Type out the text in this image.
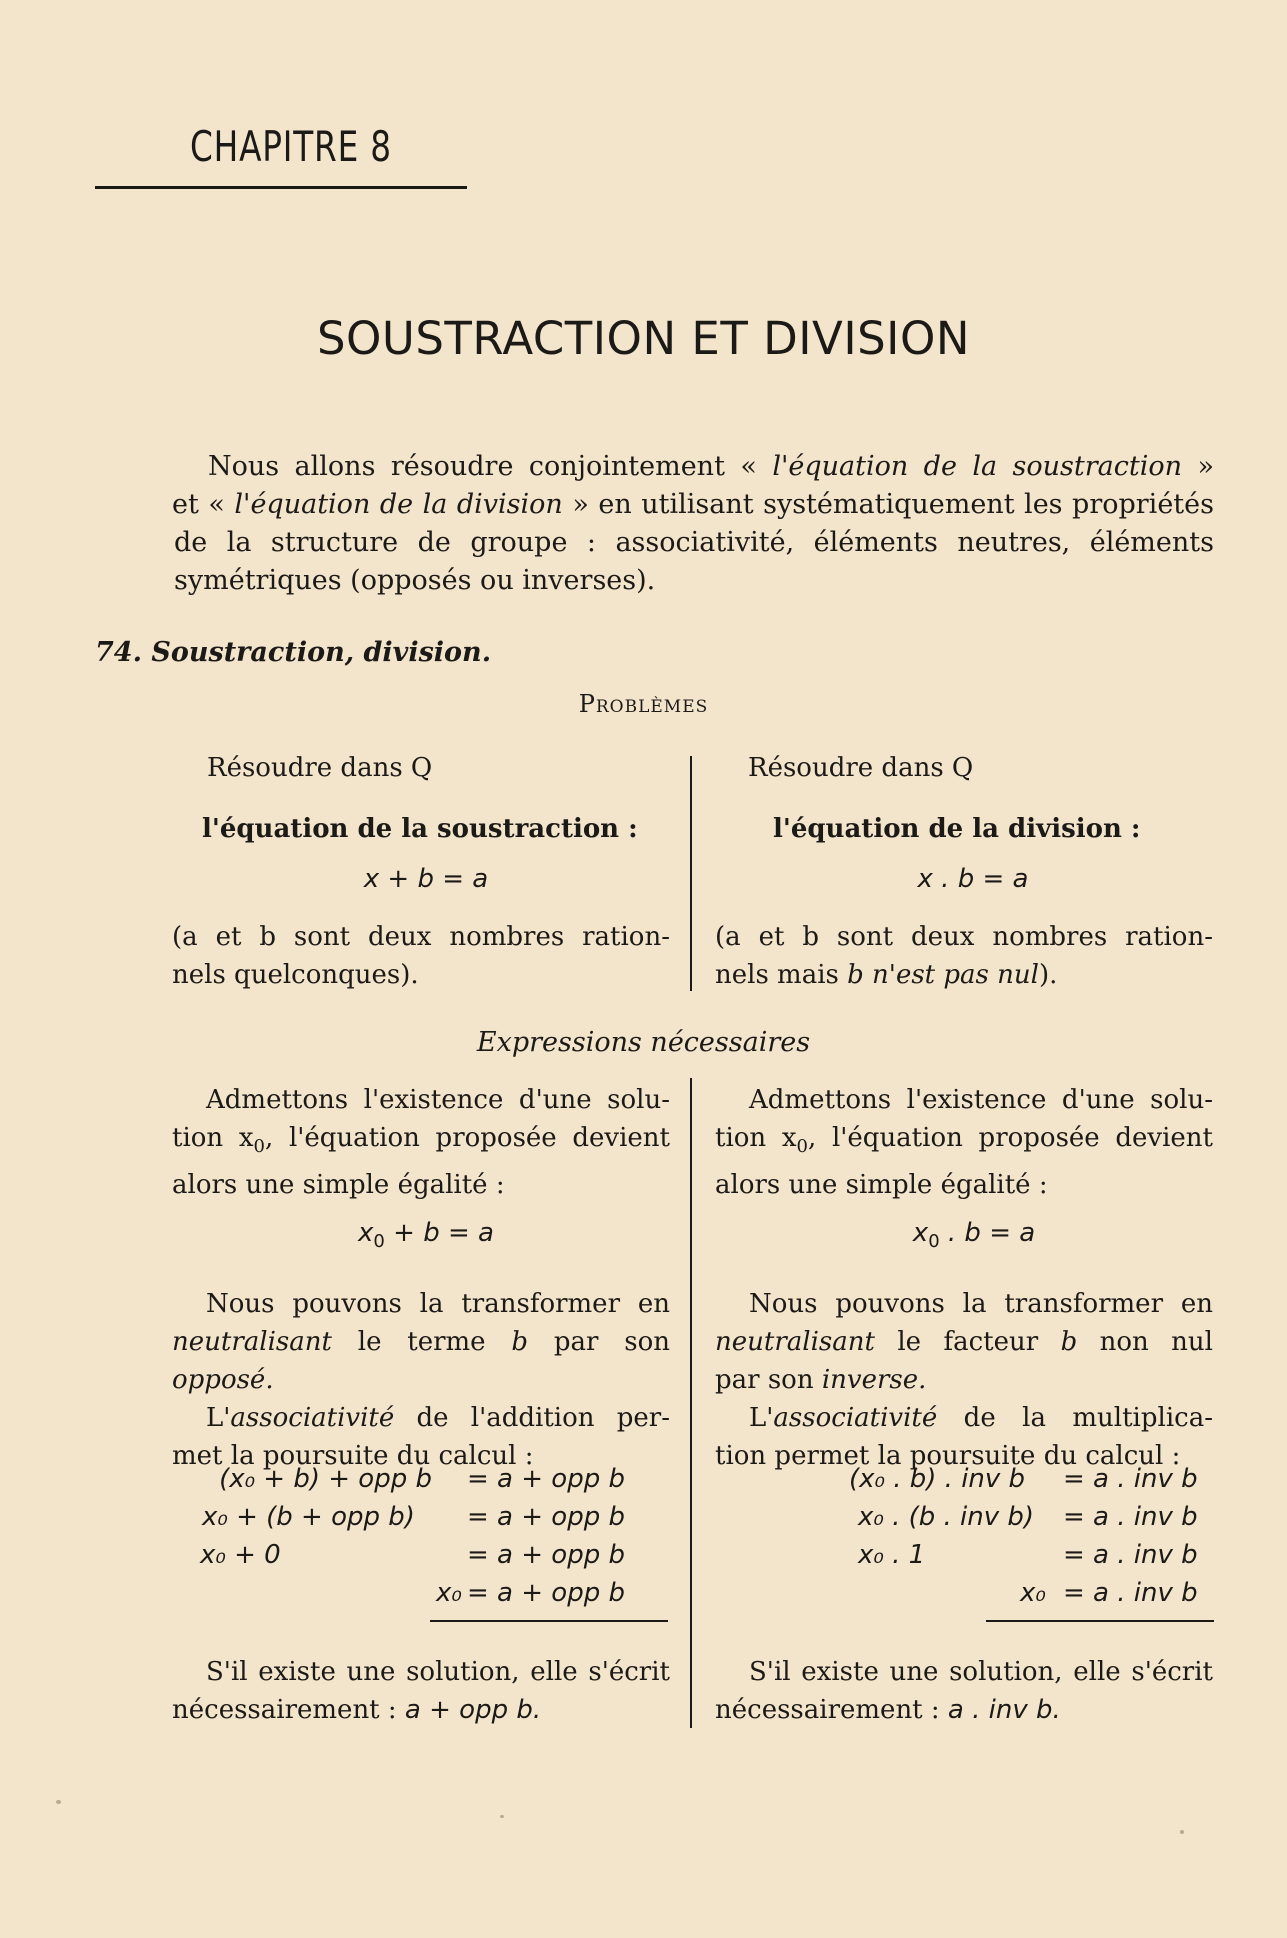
CHAPITRE 8
SOUSTRACTION ET DIVISION

Nous allons résoudre conjointement « l'équation de la soustraction »

et « l'équation de la division » en utilisant systématiquement les propriétés

de la structure de groupe : associativité, éléments neutres, éléments

symétriques (opposés ou inverses).

74. Soustraction, division.
Problèmes

Résoudre dans Q

l'équation de la soustraction :

x + b = a

(a et b sont deux nombres ration-

nels quelconques).

Résoudre dans Q

l'équation de la division :

x . b = a

(a et b sont deux nombres ration-

nels mais b n'est pas nul).

Expressions nécessaires

Admettons l'existence d'une solu-

tion $x_0$, l'équation proposée devient

alors une simple égalité :

$x_0 + b = a$

Nous pouvons la transformer en

neutralisant le terme b par son

opposé.

L'associativité de l'addition per-

met la poursuite du calcul :

(x₀ + b) + opp b = a + opp b
x₀ + (b + opp b)	= a + opp b
x₀ + 0	= a + opp b
x₀ = a + opp b

S'il existe une solution, elle s'écrit

nécessairement : a + opp b.

Admettons l'existence d'une solu-

tion $x_0$, l'équation proposée devient

alors une simple égalité :

$x_0$ . b = a

Nous pouvons la transformer en

neutralisant le facteur b non nul

par son inverse.

L'associativité de la multiplica-

tion permet la poursuite du calcul :

(x₀ . b) . inv b = a . inv b
x₀ . (b . inv b) = a . inv b
x₀ . 1	= a . inv b
x₀ = a . inv b

S'il existe une solution, elle s'écrit

nécessairement : a . inv b.
